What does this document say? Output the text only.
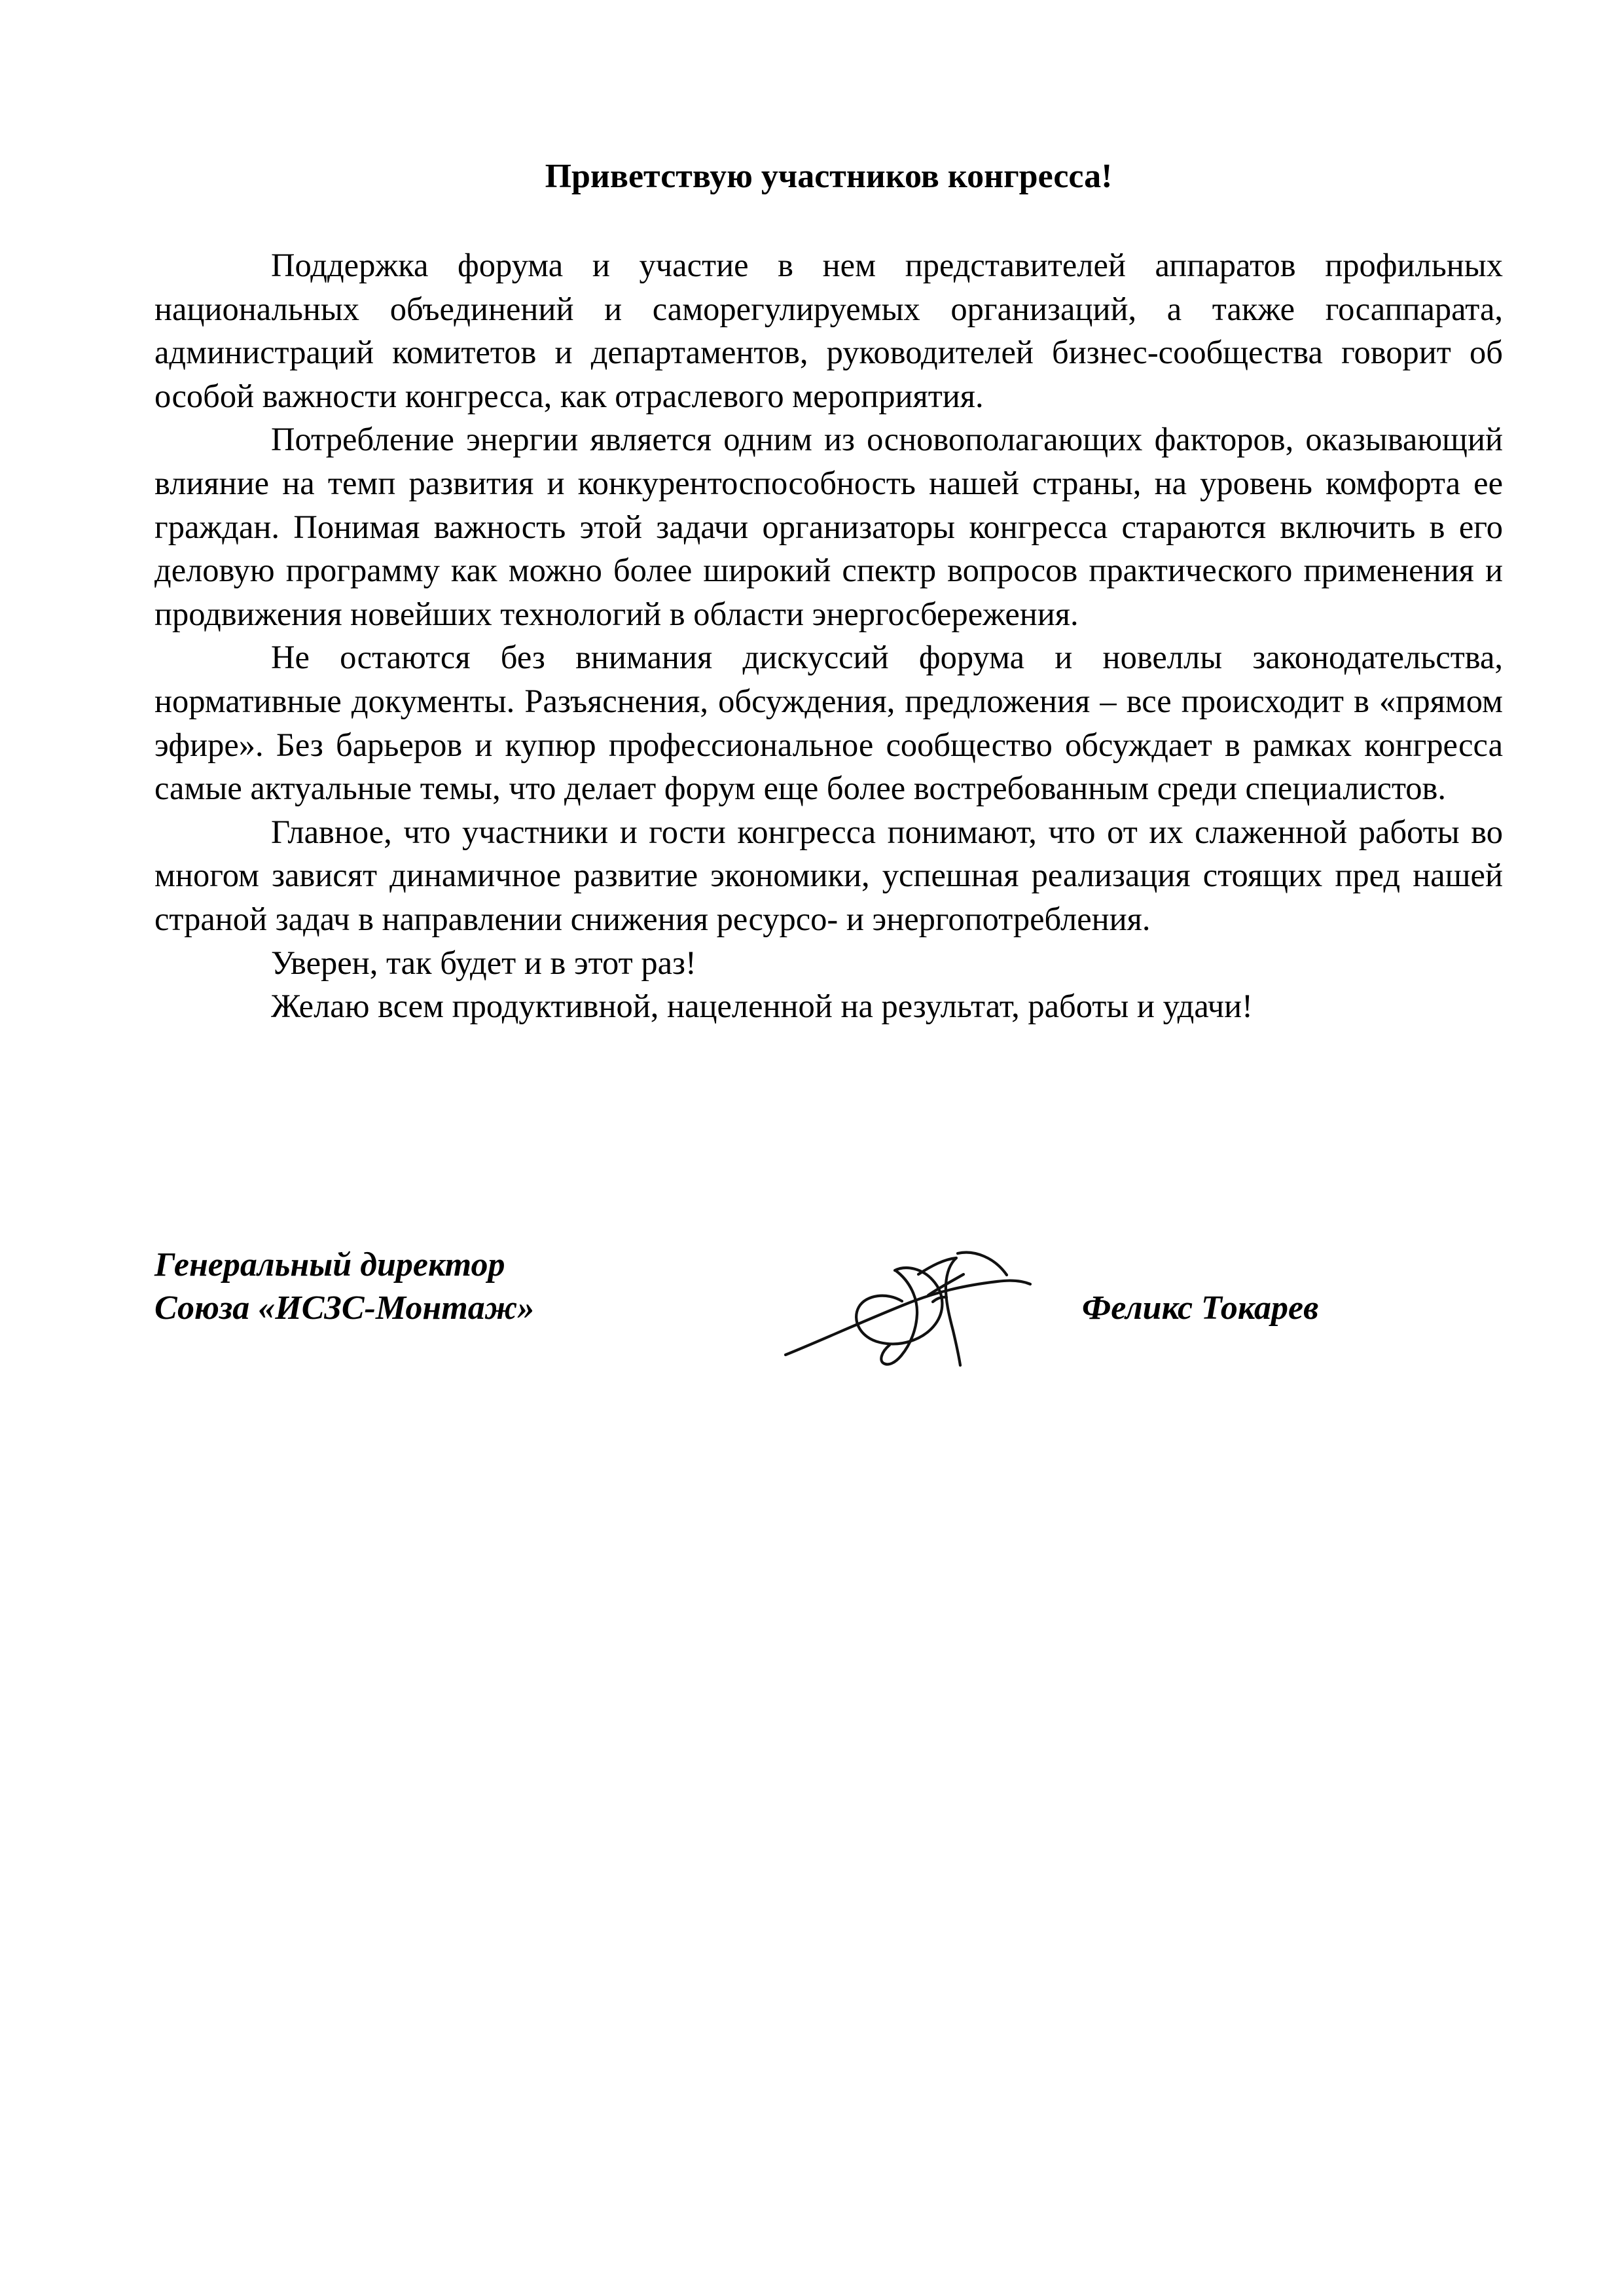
Приветствую участников конгресса!

Поддержка форума и участие в нем представителей аппаратов профильных национальных объединений и саморегулируемых организаций, а также госаппарата, администраций комитетов и департаментов, руководителей бизнес-сообщества говорит об особой важности конгресса, как отраслевого мероприятия.

Потребление энергии является одним из основополагающих факторов, оказывающий влияние на темп развития и конкурентоспособность нашей страны, на уровень комфорта ее граждан. Понимая важность этой задачи организаторы конгресса стараются включить в его деловую программу как можно более широкий спектр вопросов практического применения и продвижения новейших технологий в области энергосбережения.

Не остаются без внимания дискуссий форума и новеллы законодательства, нормативные документы. Разъяснения, обсуждения, предложения – все происходит в «прямом эфире». Без барьеров и купюр профессиональное сообщество обсуждает в рамках конгресса самые актуальные темы, что делает форум еще более востребованным среди специалистов.

Главное, что участники и гости конгресса понимают, что от их слаженной работы во многом зависят динамичное развитие экономики, успешная реализация стоящих пред нашей страной задач в направлении снижения ресурсо- и энергопотребления.

Уверен, так будет и в этот раз!

Желаю всем продуктивной, нацеленной на результат, работы и удачи!

Генеральный директор
Союза «ИСЗС-Монтаж»	Феликс Токарев
